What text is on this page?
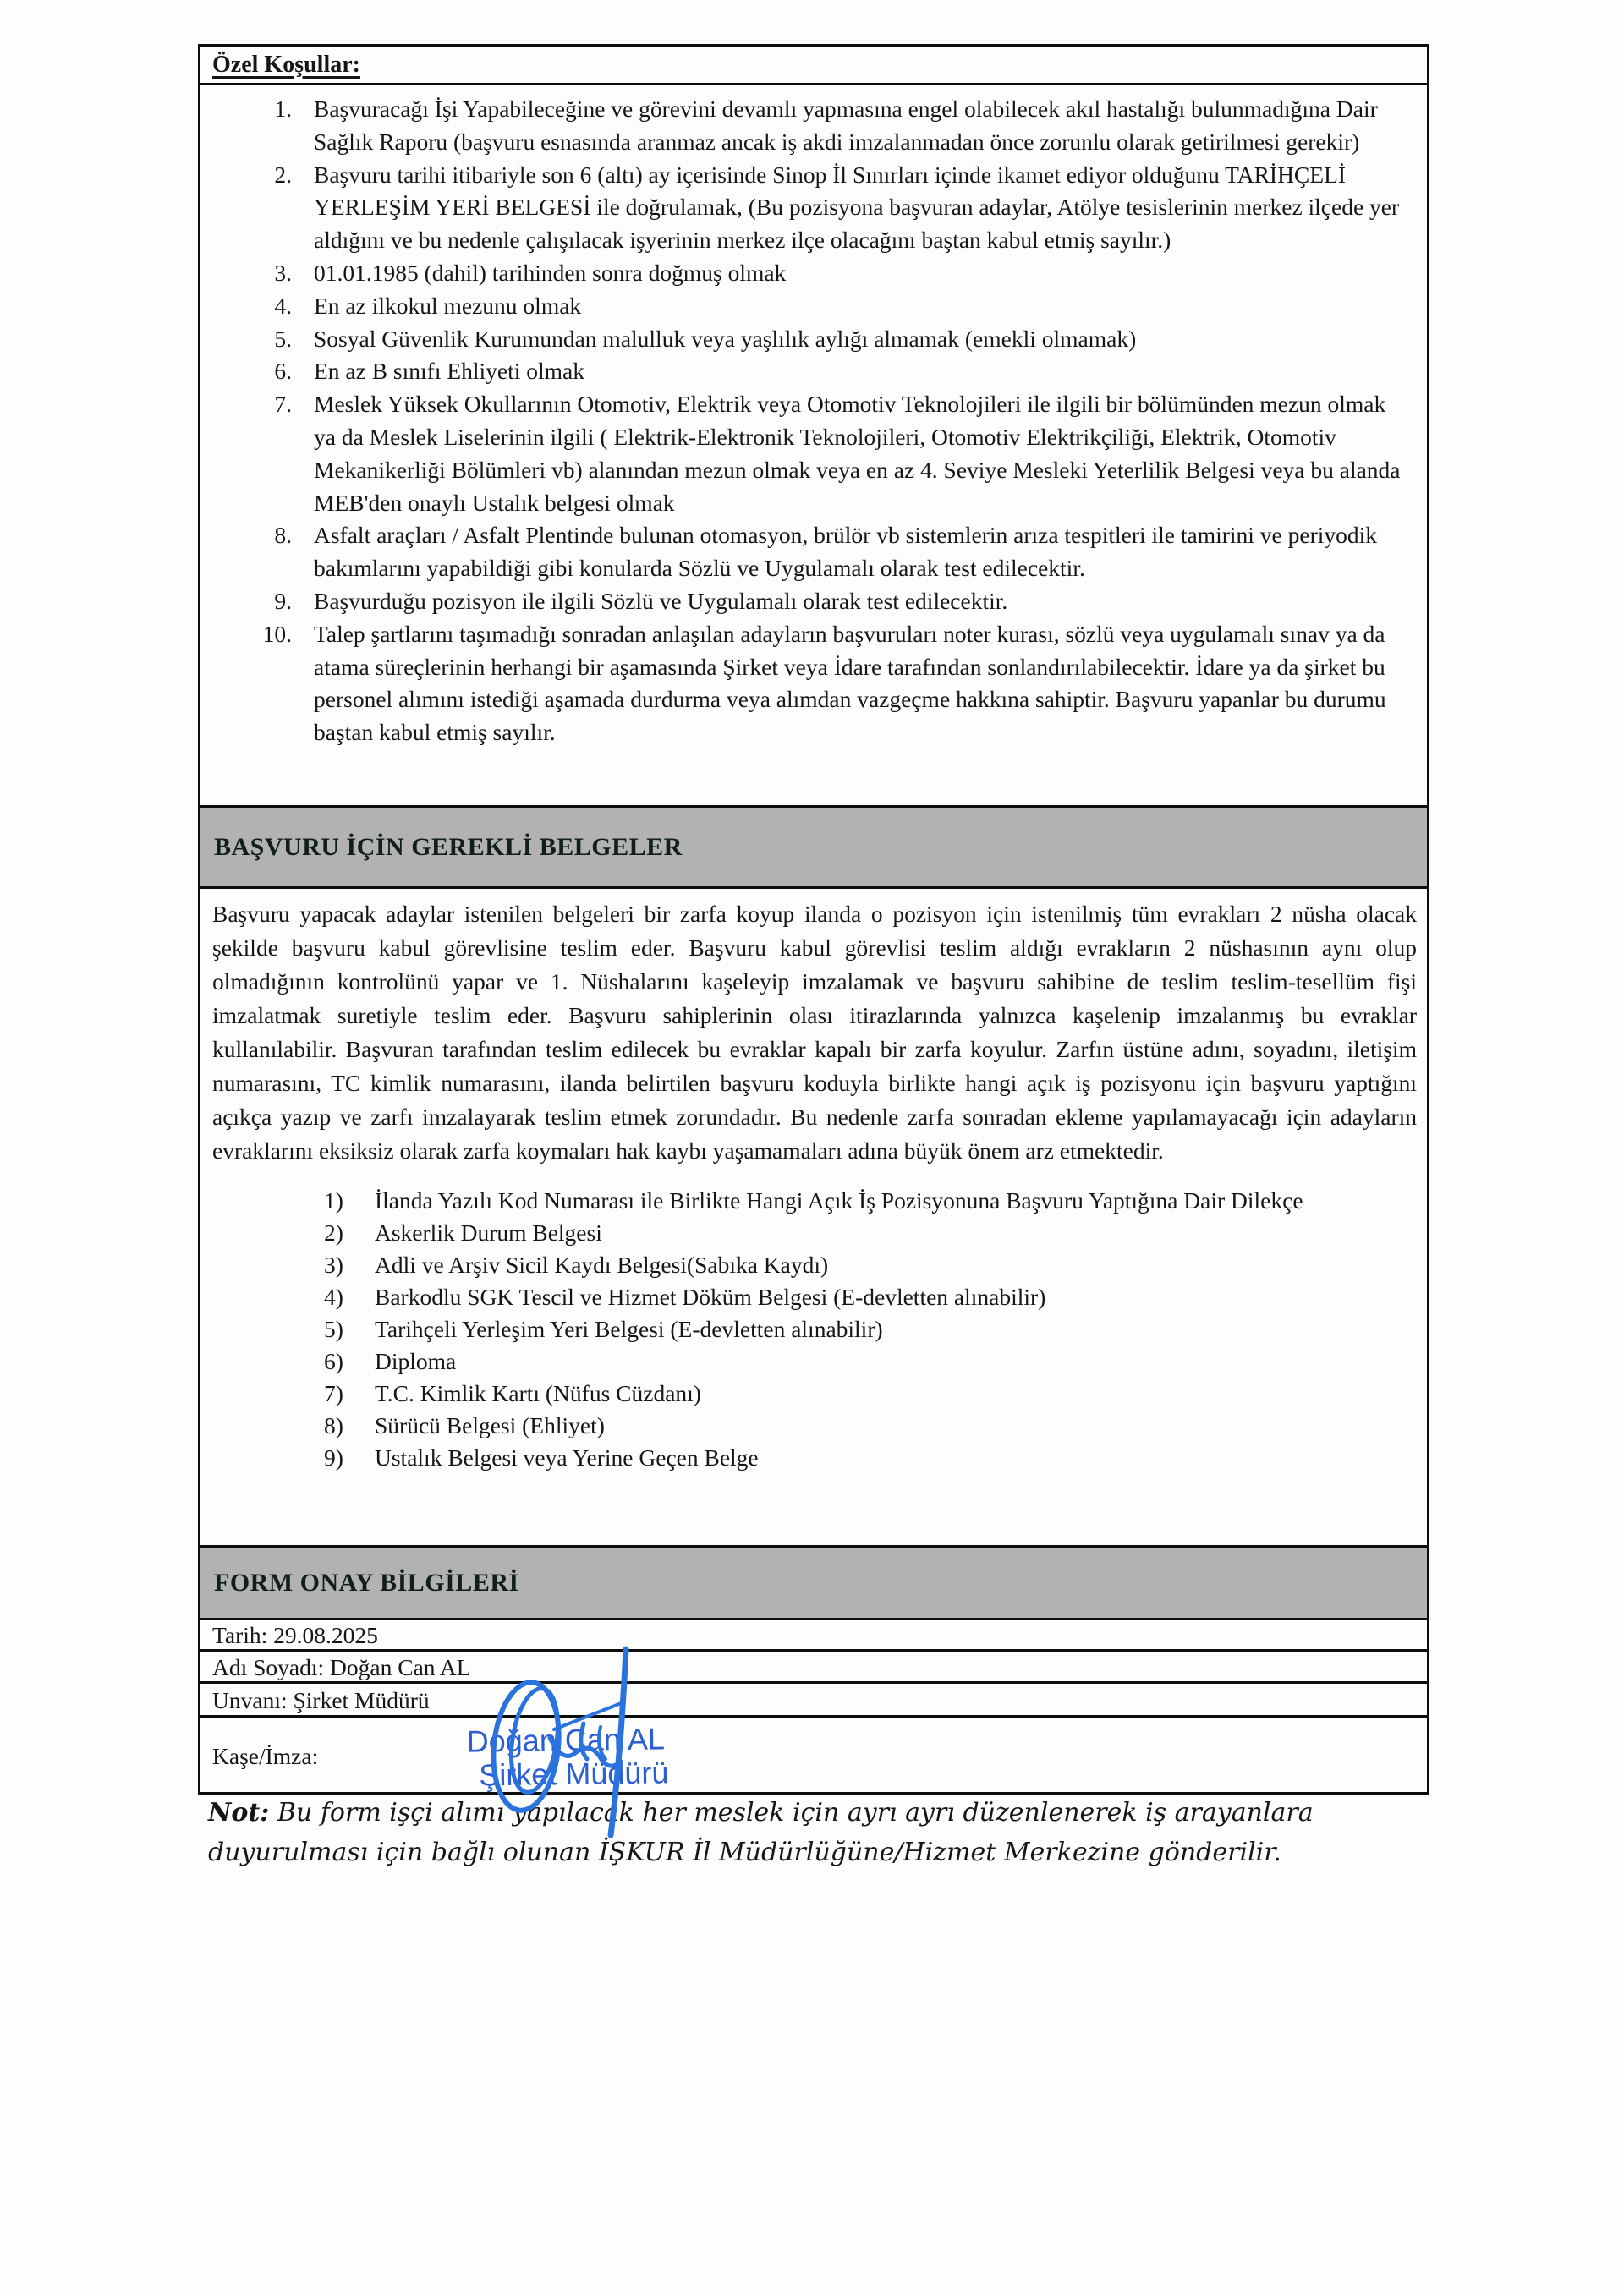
Özel Koşullar:
Başvuracağı İşi Yapabileceğine ve görevini devamlı yapmasına engel olabilecek akıl hastalığı bulunmadığına Dair Sağlık Raporu (başvuru esnasında aranmaz ancak iş akdi imzalanmadan önce zorunlu olarak getirilmesi gerekir)
Başvuru tarihi itibariyle son 6 (altı) ay içerisinde Sinop İl Sınırları içinde ikamet ediyor olduğunu TARİHÇELİ YERLEŞİM YERİ BELGESİ ile doğrulamak, (Bu pozisyona başvuran adaylar, Atölye tesislerinin merkez ilçede yer aldığını ve bu nedenle çalışılacak işyerinin merkez ilçe olacağını baştan kabul etmiş sayılır.)
01.01.1985 (dahil) tarihinden sonra doğmuş olmak
En az ilkokul mezunu olmak
Sosyal Güvenlik Kurumundan malulluk veya yaşlılık aylığı almamak (emekli olmamak)
En az B sınıfı Ehliyeti olmak
Meslek Yüksek Okullarının Otomotiv, Elektrik veya Otomotiv Teknolojileri ile ilgili bir bölümünden mezun olmak ya da Meslek Liselerinin ilgili ( Elektrik-Elektronik Teknolojileri, Otomotiv Elektrikçiliği, Elektrik, Otomotiv Mekanikerliği Bölümleri vb) alanından mezun olmak veya en az 4. Seviye Mesleki Yeterlilik Belgesi veya bu alanda MEB'den onaylı Ustalık belgesi olmak
Asfalt araçları / Asfalt Plentinde bulunan otomasyon, brülör vb sistemlerin arıza tespitleri ile tamirini ve periyodik bakımlarını yapabildiği gibi konularda Sözlü ve Uygulamalı olarak test edilecektir.
Başvurduğu pozisyon ile ilgili Sözlü ve Uygulamalı olarak test edilecektir.
Talep şartlarını taşımadığı sonradan anlaşılan adayların başvuruları noter kurası, sözlü veya uygulamalı sınav ya da atama süreçlerinin herhangi bir aşamasında Şirket veya İdare tarafından sonlandırılabilecektir. İdare ya da şirket bu personel alımını istediği aşamada durdurma veya alımdan vazgeçme hakkına sahiptir. Başvuru yapanlar bu durumu baştan kabul etmiş sayılır.
BAŞVURU İÇİN GEREKLİ BELGELER

Başvuru yapacak adaylar istenilen belgeleri bir zarfa koyup ilanda o pozisyon için istenilmiş tüm evrakları 2 nüsha olacak şekilde başvuru kabul görevlisine teslim eder. Başvuru kabul görevlisi teslim aldığı evrakların 2 nüshasının aynı olup olmadığının kontrolünü yapar ve 1. Nüshalarını kaşeleyip imzalamak ve başvuru sahibine de teslim teslim-tesellüm fişi imzalatmak suretiyle teslim eder. Başvuru sahiplerinin olası itirazlarında yalnızca kaşelenip imzalanmış bu evraklar kullanılabilir. Başvuran tarafından teslim edilecek bu evraklar kapalı bir zarfa koyulur. Zarfın üstüne adını, soyadını, iletişim numarasını, TC kimlik numarasını, ilanda belirtilen başvuru koduyla birlikte hangi açık iş pozisyonu için başvuru yaptığını açıkça yazıp ve zarfı imzalayarak teslim etmek zorundadır. Bu nedenle zarfa sonradan ekleme yapılamayacağı için adayların evraklarını eksiksiz olarak zarfa koymaları hak kaybı yaşamamaları adına büyük önem arz etmektedir.

İlanda Yazılı Kod Numarası ile Birlikte Hangi Açık İş Pozisyonuna Başvuru Yaptığına Dair Dilekçe
Askerlik Durum Belgesi
Adli ve Arşiv Sicil Kaydı Belgesi(Sabıka Kaydı)
Barkodlu SGK Tescil ve Hizmet Döküm Belgesi (E-devletten alınabilir)
Tarihçeli Yerleşim Yeri Belgesi (E-devletten alınabilir)
Diploma
T.C. Kimlik Kartı (Nüfus Cüzdanı)
Sürücü Belgesi (Ehliyet)
Ustalık Belgesi veya Yerine Geçen Belge
FORM ONAY BİLGİLERİ
Tarih: 29.08.2025
Adı Soyadı: Doğan Can AL
Unvanı: Şirket Müdürü
Kaşe/İmza:	Doğan Can AL
Şirket Müdürü

Not: Bu form işçi alımı yapılacak her meslek için ayrı ayrı düzenlenerek iş arayanlara duyurulması için bağlı olunan İŞKUR İl Müdürlüğüne/Hizmet Merkezine gönderilir.
